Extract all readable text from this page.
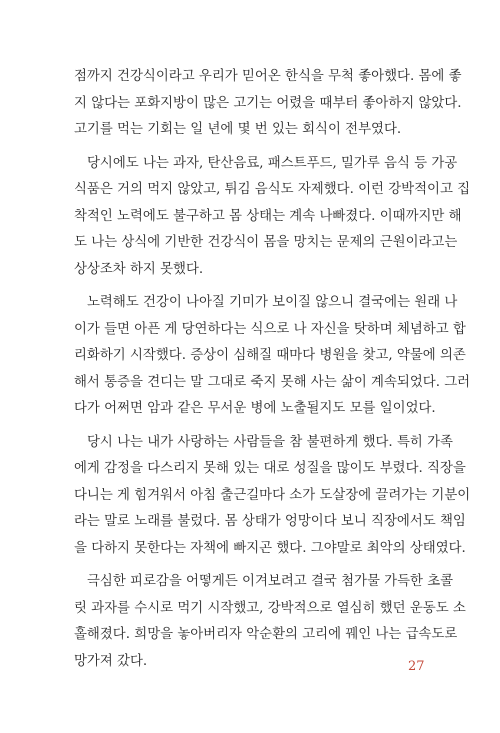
점까지 건강식이라고 우리가 믿어온 한식을 무척 좋아했다. 몸에 좋
지 않다는 포화지방이 많은 고기는 어렸을 때부터 좋아하지 않았다.
고기를 먹는 기회는 일 년에 몇 번 있는 회식이 전부였다.

당시에도 나는 과자, 탄산음료, 패스트푸드, 밀가루 음식 등 가공
식품은 거의 먹지 않았고, 튀김 음식도 자제했다. 이런 강박적이고 집
착적인 노력에도 불구하고 몸 상태는 계속 나빠졌다. 이때까지만 해
도 나는 상식에 기반한 건강식이 몸을 망치는 문제의 근원이라고는
상상조차 하지 못했다.

노력해도 건강이 나아질 기미가 보이질 않으니 결국에는 원래 나
이가 들면 아픈 게 당연하다는 식으로 나 자신을 탓하며 체념하고 합
리화하기 시작했다. 증상이 심해질 때마다 병원을 찾고, 약물에 의존
해서 통증을 견디는 말 그대로 죽지 못해 사는 삶이 계속되었다. 그러
다가 어쩌면 암과 같은 무서운 병에 노출될지도 모를 일이었다.

당시 나는 내가 사랑하는 사람들을 참 불편하게 했다. 특히 가족
에게 감정을 다스리지 못해 있는 대로 성질을 많이도 부렸다. 직장을
다니는 게 힘겨워서 아침 출근길마다 소가 도살장에 끌려가는 기분이
라는 말로 노래를 불렀다. 몸 상태가 엉망이다 보니 직장에서도 책임
을 다하지 못한다는 자책에 빠지곤 했다. 그야말로 최악의 상태였다.

극심한 피로감을 어떻게든 이겨보려고 결국 첨가물 가득한 초콜
릿 과자를 수시로 먹기 시작했고, 강박적으로 열심히 했던 운동도 소
홀해졌다. 희망을 놓아버리자 악순환의 고리에 꿰인 나는 급속도로
망가져 갔다.	27
